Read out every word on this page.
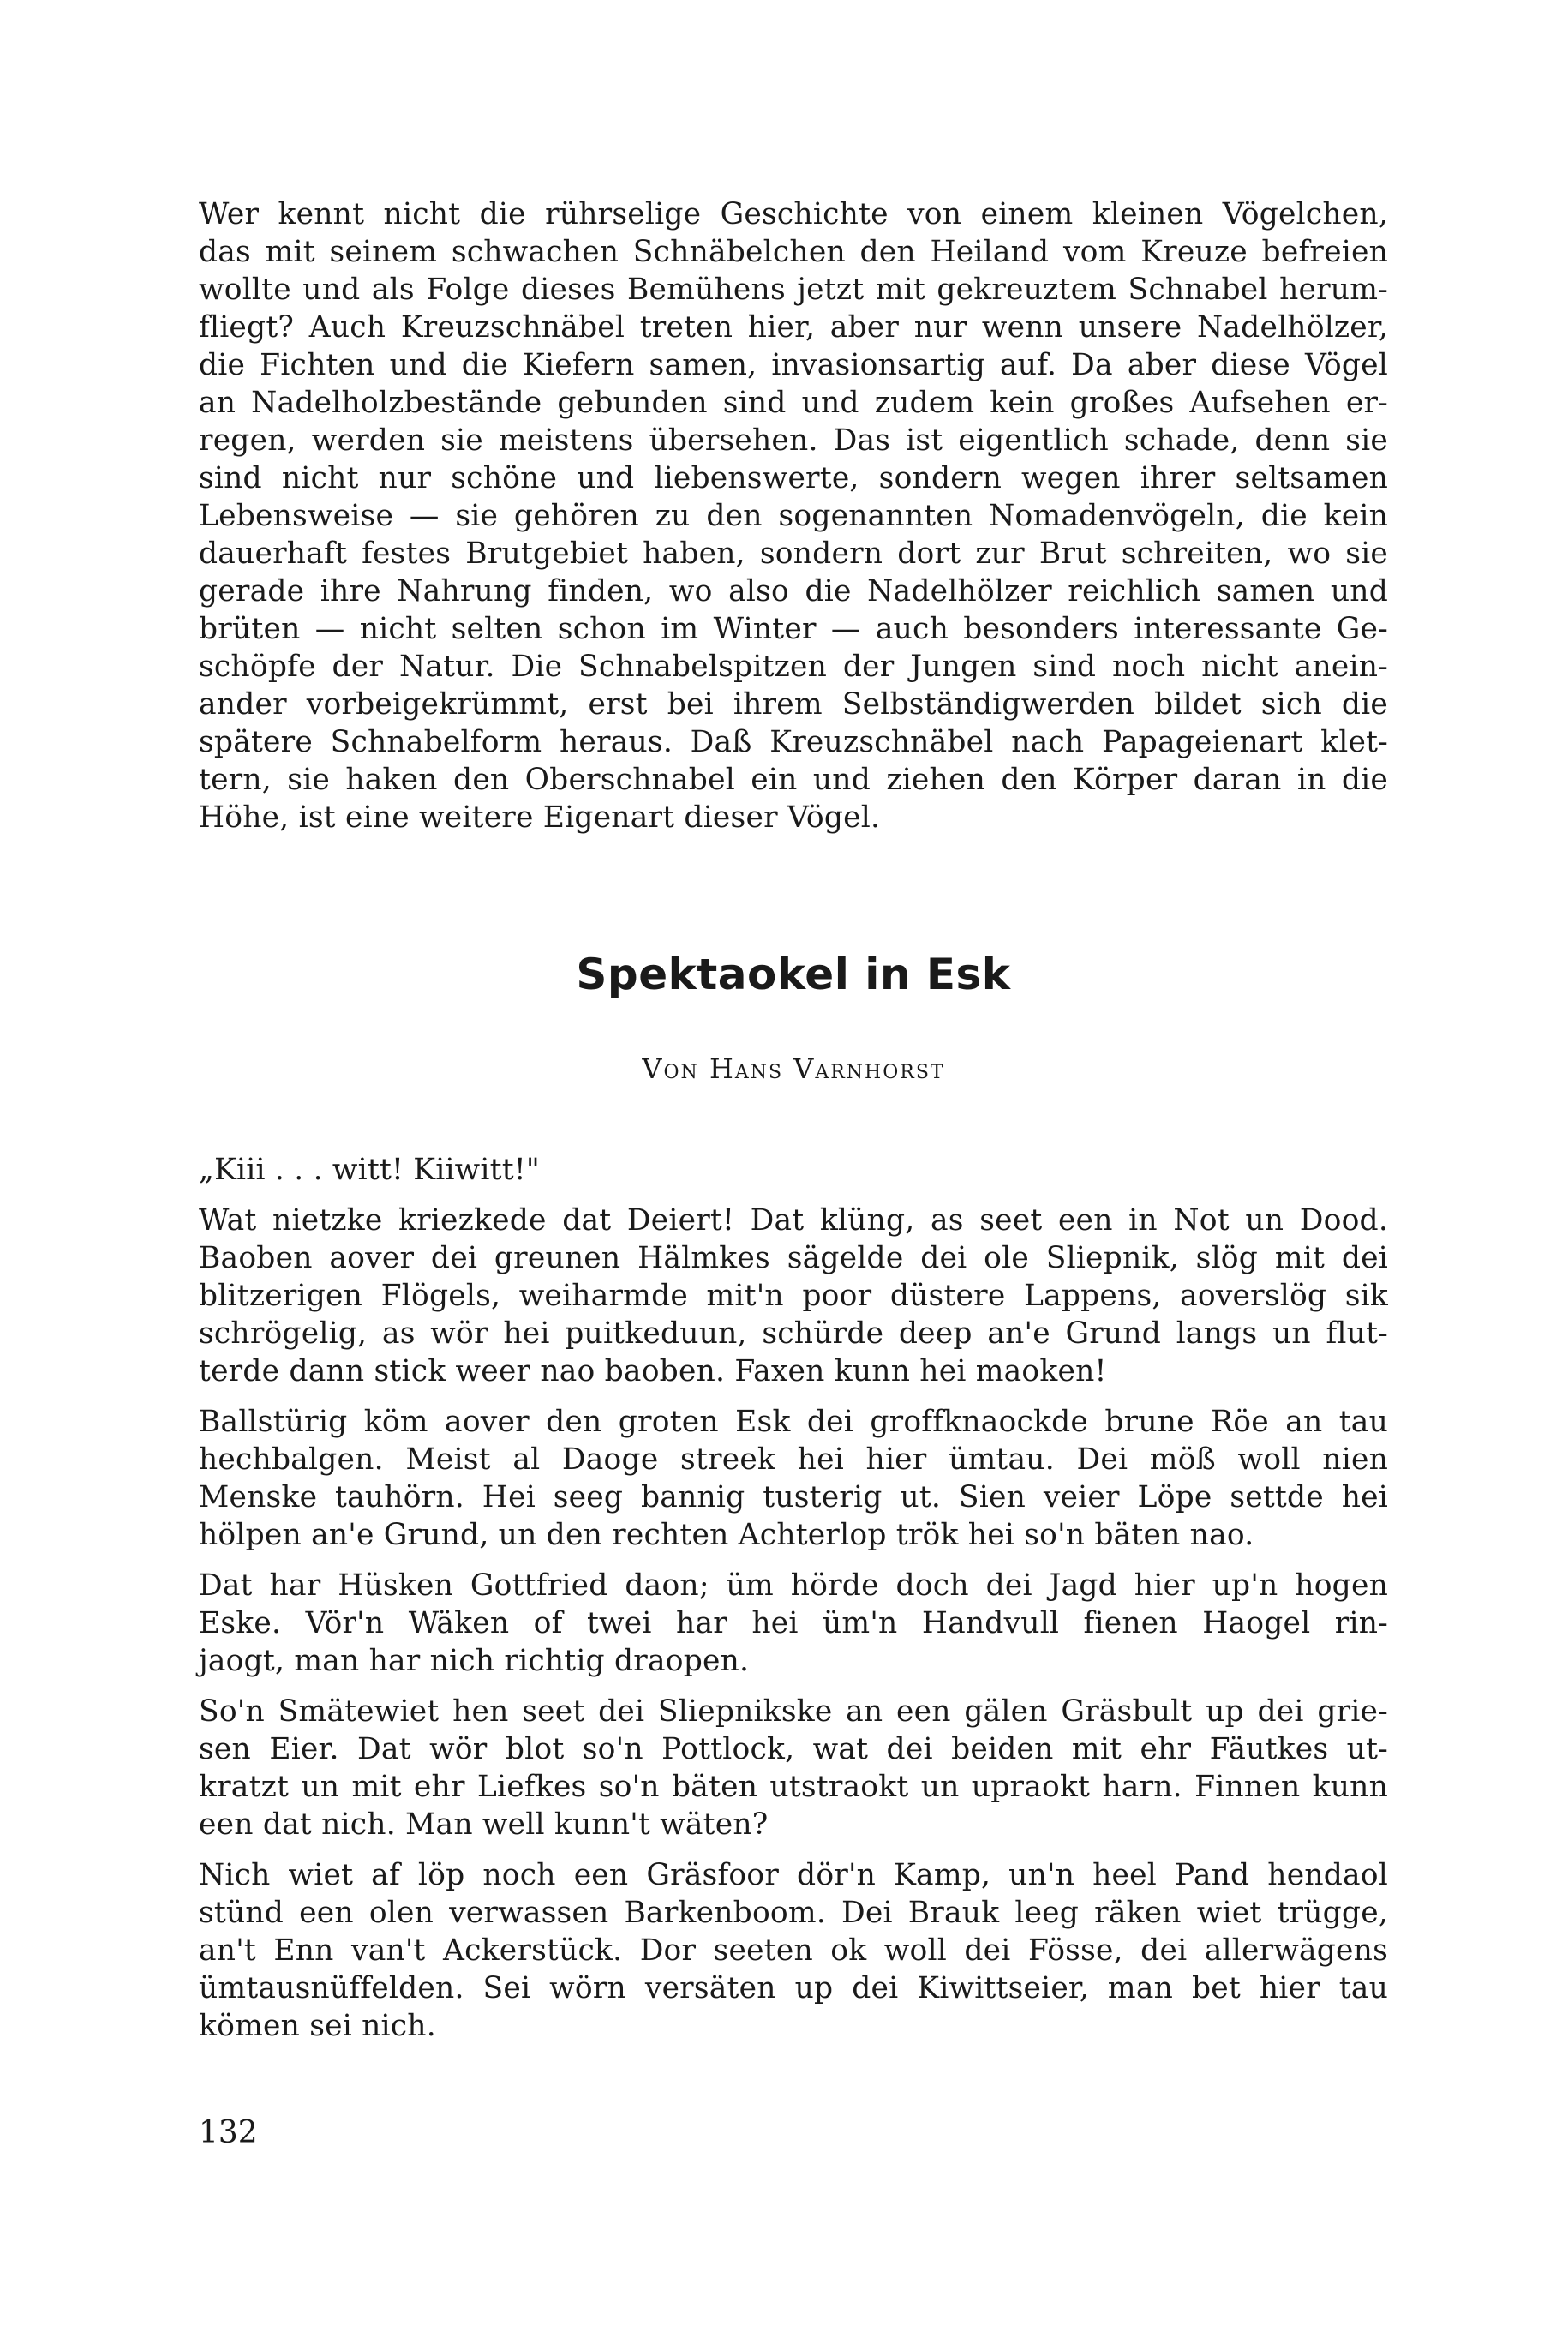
Wer kennt nicht die rührselige Geschichte von einem kleinen Vögelchen,
das mit seinem schwachen Schnäbelchen den Heiland vom Kreuze befreien
wollte und als Folge dieses Bemühens jetzt mit gekreuztem Schnabel herum-
fliegt? Auch Kreuzschnäbel treten hier, aber nur wenn unsere Nadelhölzer,
die Fichten und die Kiefern samen, invasionsartig auf. Da aber diese Vögel
an Nadelholzbestände gebunden sind und zudem kein großes Aufsehen er-
regen, werden sie meistens übersehen. Das ist eigentlich schade, denn sie
sind nicht nur schöne und liebenswerte, sondern wegen ihrer seltsamen
Lebensweise — sie gehören zu den sogenannten Nomadenvögeln, die kein
dauerhaft festes Brutgebiet haben, sondern dort zur Brut schreiten, wo sie
gerade ihre Nahrung finden, wo also die Nadelhölzer reichlich samen und
brüten — nicht selten schon im Winter — auch besonders interessante Ge-
schöpfe der Natur. Die Schnabelspitzen der Jungen sind noch nicht anein-
ander vorbeigekrümmt, erst bei ihrem Selbständigwerden bildet sich die
spätere Schnabelform heraus. Daß Kreuzschnäbel nach Papageienart klet-
tern, sie haken den Oberschnabel ein und ziehen den Körper daran in die
Höhe, ist eine weitere Eigenart dieser Vögel.
Spektaokel in Esk

Von Hans Varnhorst

„Kiii . . . witt! Kiiwitt!"
Wat nietzke kriezkede dat Deiert! Dat klüng, as seet een in Not un Dood.
Baoben aover dei greunen Hälmkes sägelde dei ole Sliepnik, slög mit dei
blitzerigen Flögels, weiharmde mit'n poor düstere Lappens, aoverslög sik
schrögelig, as wör hei puitkeduun, schürde deep an'e Grund langs un flut-
terde dann stick weer nao baoben. Faxen kunn hei maoken!
Ballstürig köm aover den groten Esk dei groffknaockde brune Röe an tau
hechbalgen. Meist al Daoge streek hei hier ümtau. Dei möß woll nien
Menske tauhörn. Hei seeg bannig tusterig ut. Sien veier Löpe settde hei
hölpen an'e Grund, un den rechten Achterlop trök hei so'n bäten nao.
Dat har Hüsken Gottfried daon; üm hörde doch dei Jagd hier up'n hogen
Eske. Vör'n Wäken of twei har hei üm'n Handvull fienen Haogel rin-
jaogt, man har nich richtig draopen.
So'n Smätewiet hen seet dei Sliepnikske an een gälen Gräsbult up dei grie-
sen Eier. Dat wör blot so'n Pottlock, wat dei beiden mit ehr Fäutkes ut-
kratzt un mit ehr Liefkes so'n bäten utstraokt un upraokt harn. Finnen kunn
een dat nich. Man well kunn't wäten?
Nich wiet af löp noch een Gräsfoor dör'n Kamp, un'n heel Pand hendaol
stünd een olen verwassen Barkenboom. Dei Brauk leeg räken wiet trügge,
an't Enn van't Ackerstück. Dor seeten ok woll dei Fösse, dei allerwägens
ümtausnüffelden. Sei wörn versäten up dei Kiwittseier, man bet hier tau
kömen sei nich.

132
